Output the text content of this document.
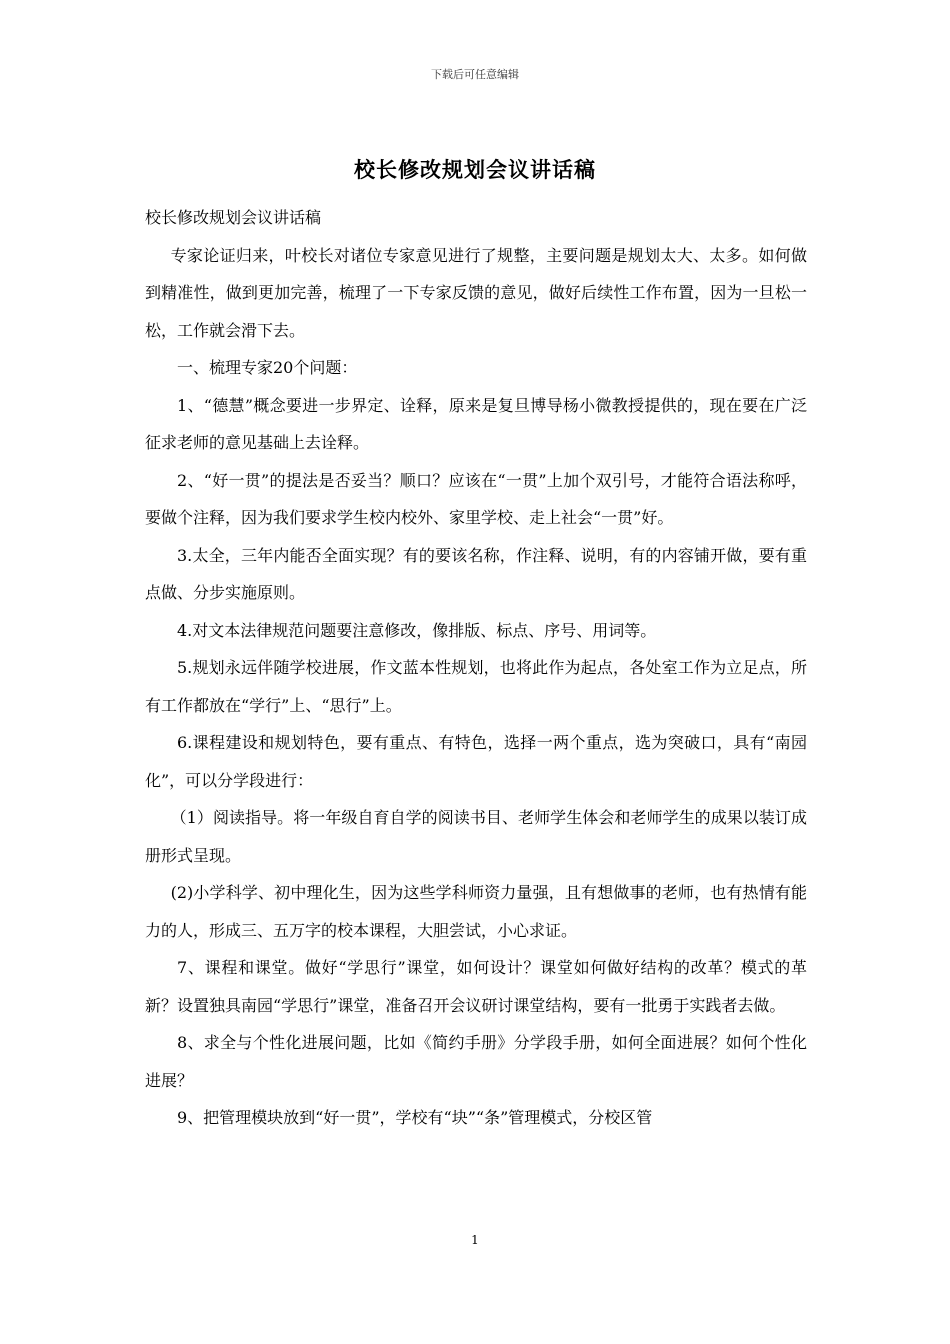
下载后可任意编辑
校长修改规划会议讲话稿

校长修改规划会议讲话稿

专家论证归来，叶校长对诸位专家意见进行了规整，主要问题是规划太大、太多。如何做到精准性，做到更加完善，梳理了一下专家反馈的意见，做好后续性工作布置，因为一旦松一松，工作就会滑下去。

一、梳理专家20个问题：

1、“德慧”概念要进一步界定、诠释，原来是复旦博导杨小微教授提供的，现在要在广泛征求老师的意见基础上去诠释。

2、“好一贯”的提法是否妥当？顺口？应该在“一贯”上加个双引号，才能符合语法称呼，要做个注释，因为我们要求学生校内校外、家里学校、走上社会“一贯”好。

3.太全，三年内能否全面实现？有的要该名称，作注释、说明，有的内容铺开做，要有重点做、分步实施原则。

4.对文本法律规范问题要注意修改，像排版、标点、序号、用词等。

5.规划永远伴随学校进展，作文蓝本性规划，也将此作为起点，各处室工作为立足点，所有工作都放在“学行”上、“思行”上。

6.课程建设和规划特色，要有重点、有特色，选择一两个重点，选为突破口，具有“南园化”，可以分学段进行：

（1）阅读指导。将一年级自育自学的阅读书目、老师学生体会和老师学生的成果以装订成册形式呈现。

(2)小学科学、初中理化生，因为这些学科师资力量强，且有想做事的老师，也有热情有能力的人，形成三、五万字的校本课程，大胆尝试，小心求证。

7、课程和课堂。做好“学思行”课堂，如何设计？课堂如何做好结构的改革？模式的革新？设置独具南园“学思行”课堂，准备召开会议研讨课堂结构，要有一批勇于实践者去做。

8、求全与个性化进展问题，比如《简约手册》分学段手册，如何全面进展？如何个性化进展？

9、把管理模块放到“好一贯”，学校有“块”“条”管理模式，分校区管

1
